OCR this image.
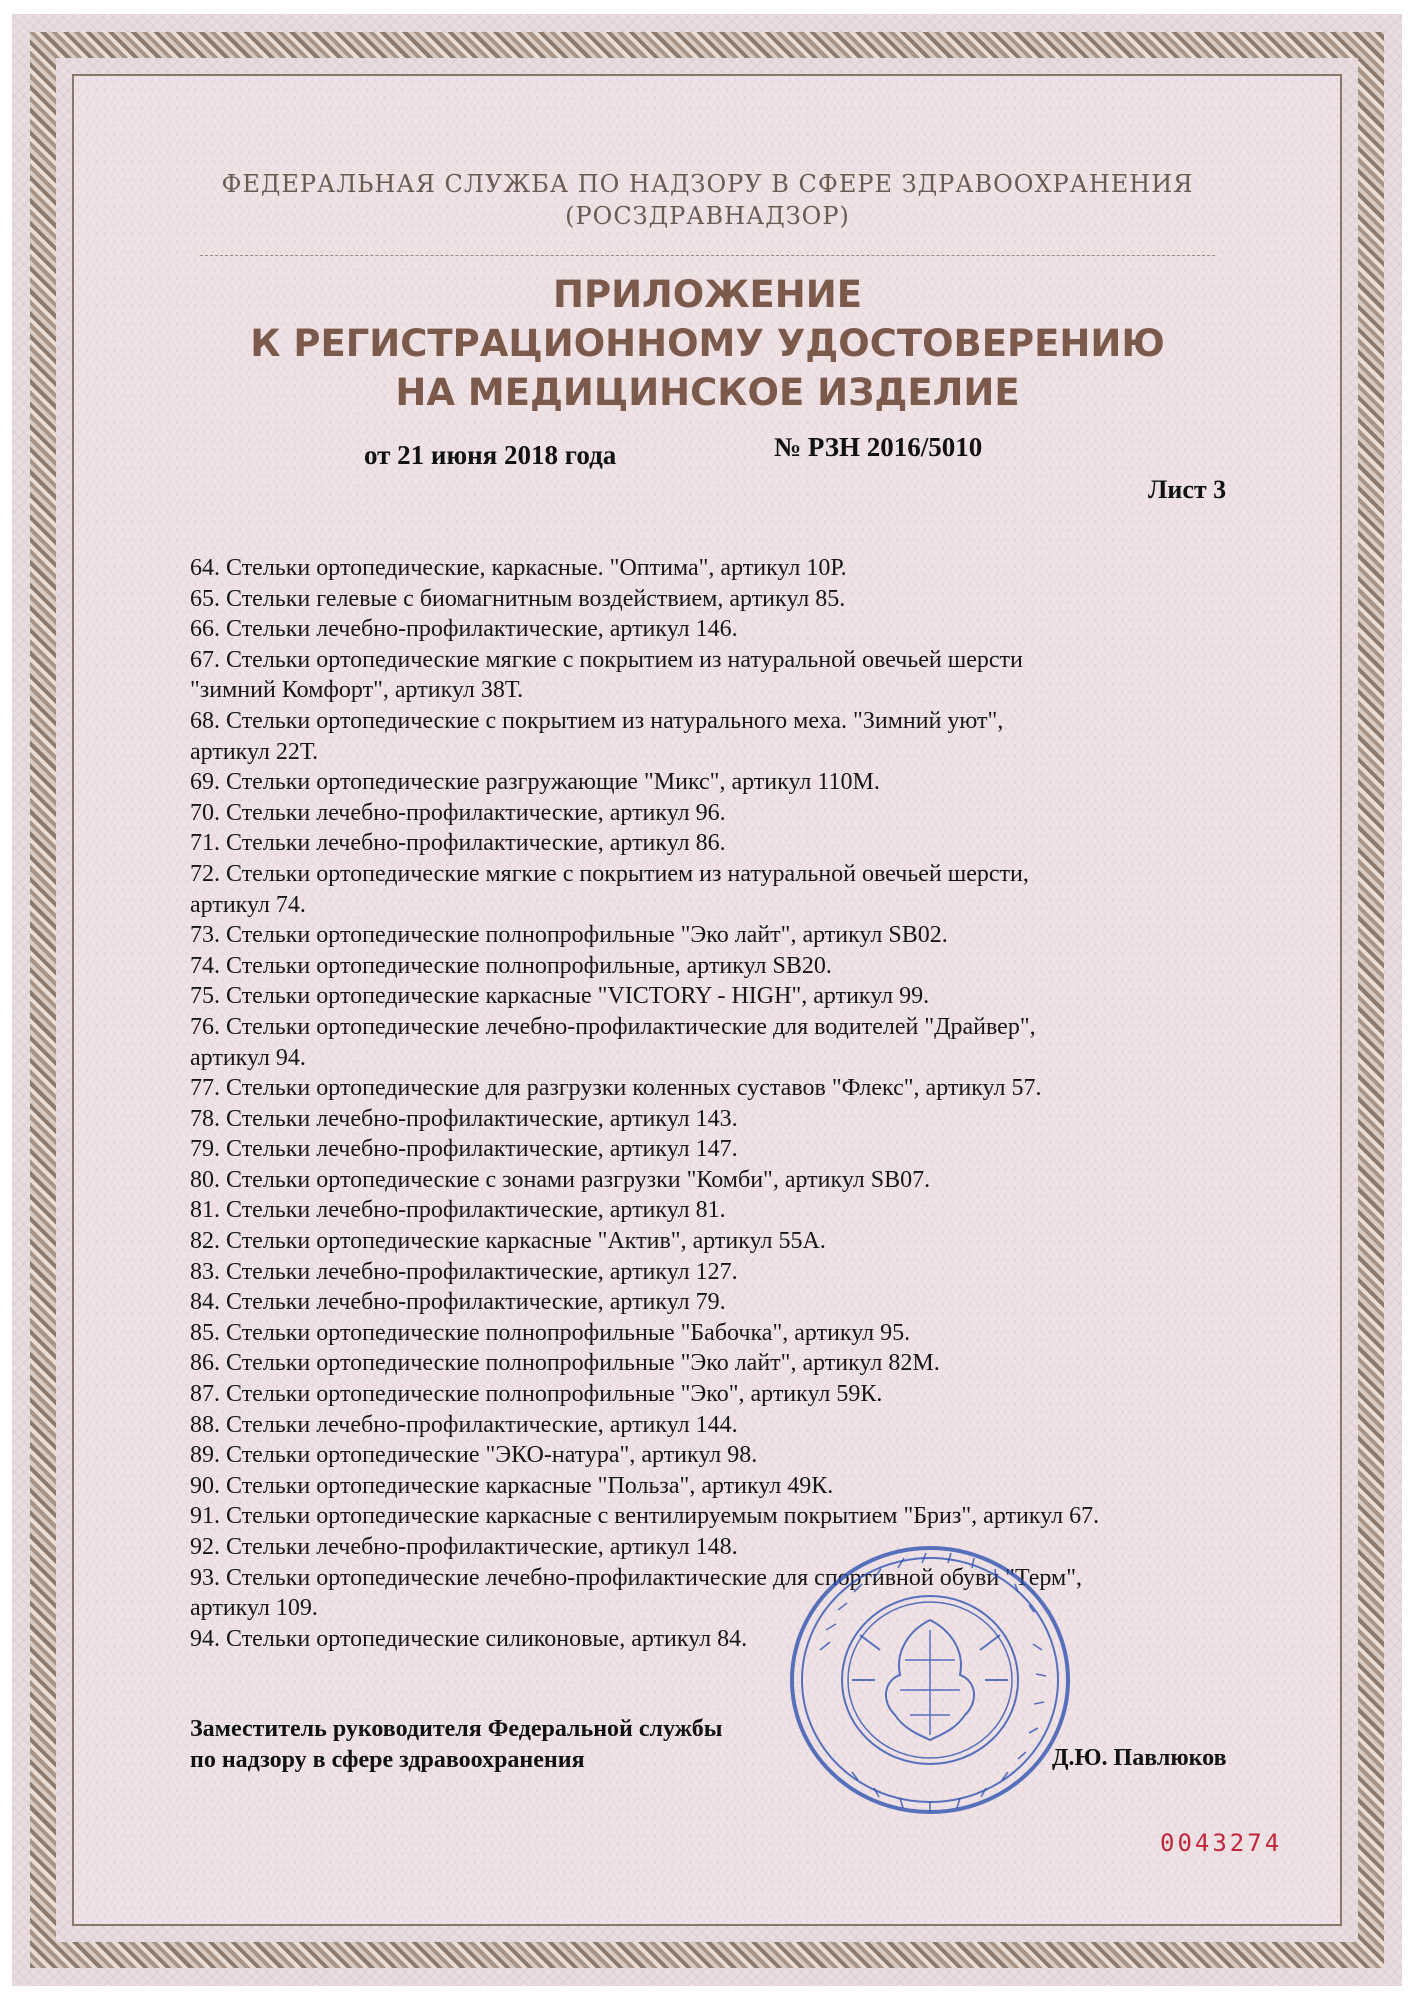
ФЕДЕРАЛЬНАЯ СЛУЖБА ПО НАДЗОРУ В СФЕРЕ ЗДРАВООХРАНЕНИЯ
(РОСЗДРАВНАДЗОР)
ПРИЛОЖЕНИЕ
К РЕГИСТРАЦИОННОМУ УДОСТОВЕРЕНИЮ
НА МЕДИЦИНСКОЕ ИЗДЕЛИЕ
от 21 июня 2018 года	№ РЗН 2016/5010
Лист 3
64. Стельки ортопедические, каркасные. "Оптима", артикул 10Р.
65. Стельки гелевые с биомагнитным воздействием, артикул 85.
66. Стельки лечебно-профилактические, артикул 146.
67. Стельки ортопедические мягкие с покрытием из натуральной овечьей шерсти
"зимний Комфорт", артикул 38Т.
68. Стельки ортопедические с покрытием из натурального меха. "Зимний уют",
артикул 22Т.
69. Стельки ортопедические разгружающие "Микс", артикул 110М.
70. Стельки лечебно-профилактические, артикул 96.
71. Стельки лечебно-профилактические, артикул 86.
72. Стельки ортопедические мягкие с покрытием из натуральной овечьей шерсти,
артикул 74.
73. Стельки ортопедические полнопрофильные "Эко лайт", артикул SB02.
74. Стельки ортопедические полнопрофильные, артикул SB20.
75. Стельки ортопедические каркасные "VICTORY - HIGH", артикул 99.
76. Стельки ортопедические лечебно-профилактические для водителей "Драйвер",
артикул 94.
77. Стельки ортопедические для разгрузки коленных суставов "Флекс", артикул 57.
78. Стельки лечебно-профилактические, артикул 143.
79. Стельки лечебно-профилактические, артикул 147.
80. Стельки ортопедические с зонами разгрузки "Комби", артикул SB07.
81. Стельки лечебно-профилактические, артикул 81.
82. Стельки ортопедические каркасные "Актив", артикул 55А.
83. Стельки лечебно-профилактические, артикул 127.
84. Стельки лечебно-профилактические, артикул 79.
85. Стельки ортопедические полнопрофильные "Бабочка", артикул 95.
86. Стельки ортопедические полнопрофильные "Эко лайт", артикул 82М.
87. Стельки ортопедические полнопрофильные "Эко", артикул 59К.
88. Стельки лечебно-профилактические, артикул 144.
89. Стельки ортопедические "ЭКО-натура", артикул 98.
90. Стельки ортопедические каркасные "Польза", артикул 49К.
91. Стельки ортопедические каркасные с вентилируемым покрытием "Бриз", артикул 67.
92. Стельки лечебно-профилактические, артикул 148.
93. Стельки ортопедические лечебно-профилактические для спортивной обуви "Терм",
артикул 109.
94. Стельки ортопедические силиконовые, артикул 84.
Заместитель руководителя Федеральной службы
по надзору в сфере здравоохранения	Д.Ю. Павлюков
0043274
